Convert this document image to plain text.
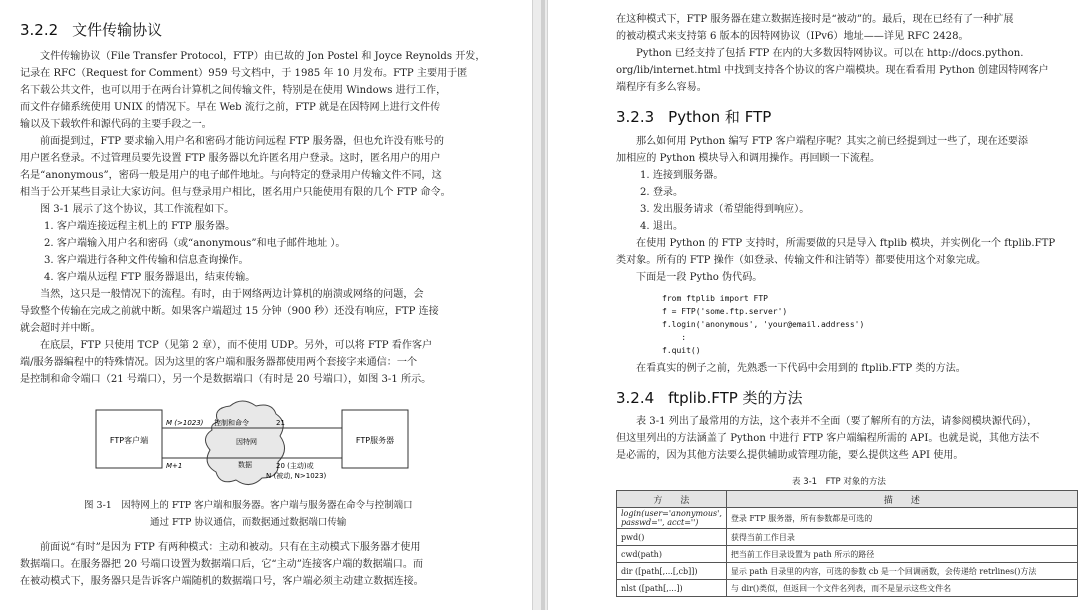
3.2.2 文件传输协议
文件传输协议（File Transfer Protocol，FTP）由已故的 Jon Postel 和 Joyce Reynolds 开发，
记录在 RFC（Request for Comment）959 号文档中，于 1985 年 10 月发布。FTP 主要用于匿
名下载公共文件，也可以用于在两台计算机之间传输文件，特别是在使用 Windows 进行工作，
而文件存储系统使用 UNIX 的情况下。早在 Web 流行之前，FTP 就是在因特网上进行文件传
输以及下载软件和源代码的主要手段之一。
前面提到过，FTP 要求输入用户名和密码才能访问远程 FTP 服务器，但也允许没有账号的
用户匿名登录。不过管理员要先设置 FTP 服务器以允许匿名用户登录。这时，匿名用户的用户
名是“anonymous”，密码一般是用户的电子邮件地址。与向特定的登录用户传输文件不同，这
相当于公开某些目录让大家访问。但与登录用户相比，匿名用户只能使用有限的几个 FTP 命令。
图 3-1 展示了这个协议，其工作流程如下。
1. 客户端连接远程主机上的 FTP 服务器。
2. 客户端输入用户名和密码（或“anonymous”和电子邮件地址 ）。
3. 客户端进行各种文件传输和信息查询操作。
4. 客户端从远程 FTP 服务器退出，结束传输。
当然，这只是一般情况下的流程。有时，由于网络两边计算机的崩溃或网络的问题，会
导致整个传输在完成之前就中断。如果客户端超过 15 分钟（900 秒）还没有响应，FTP 连接
就会超时并中断。
在底层，FTP 只使用 TCP（见第 2 章），而不使用 UDP。另外，可以将 FTP 看作客户
端/服务器编程中的特殊情况。因为这里的客户端和服务器都使用两个套接字来通信：一个
是控制和命令端口（21 号端口），另一个是数据端口（有时是 20 号端口），如图 3-1 所示。
FTP客户端	FTP服务器
M (>1023) 控制和命令	21
因特网
数据
M+1	20 (主动)或
N (被动, N>1023)
图 3-1　因特网上的 FTP 客户端和服务器。客户端与服务器在命令与控制端口
通过 FTP 协议通信，而数据通过数据端口传输
前面说“有时”是因为 FTP 有两种模式：主动和被动。只有在主动模式下服务器才使用
数据端口。在服务器把 20 号端口设置为数据端口后，它“主动”连接客户端的数据端口。而
在被动模式下，服务器只是告诉客户端随机的数据端口号，客户端必须主动建立数据连接。
在这种模式下，FTP 服务器在建立数据连接时是“被动”的。最后，现在已经有了一种扩展
的被动模式来支持第 6 版本的因特网协议（IPv6）地址——详见 RFC 2428。
Python 已经支持了包括 FTP 在内的大多数因特网协议。可以在 http://docs.python.
org/lib/internet.html 中找到支持各个协议的客户端模块。现在看看用 Python 创建因特网客户
端程序有多么容易。
3.2.3 Python 和 FTP
那么如何用 Python 编写 FTP 客户端程序呢？其实之前已经提到过一些了，现在还要添
加相应的 Python 模块导入和调用操作。再回顾一下流程。
1. 连接到服务器。
2. 登录。
3. 发出服务请求（希望能得到响应）。
4. 退出。
在使用 Python 的 FTP 支持时，所需要做的只是导入 ftplib 模块，并实例化一个 ftplib.FTP
类对象。所有的 FTP 操作（如登录、传输文件和注销等）都要使用这个对象完成。
下面是一段 Pytho 伪代码。
from ftplib import FTP
f = FTP('some.ftp.server')
f.login('anonymous', 'your@email.address')
:
f.quit()
在看真实的例子之前，先熟悉一下代码中会用到的 ftplib.FTP 类的方法。
3.2.4 ftplib.FTP 类的方法
表 3-1 列出了最常用的方法，这个表并不全面（要了解所有的方法，请参阅模块源代码），
但这里列出的方法涵盖了 Python 中进行 FTP 客户端编程所需的 API。也就是说，其他方法不
是必需的，因为其他方法要么提供辅助或管理功能，要么提供这些 API 使用。
表 3-1　FTP 对象的方法
方　　法	描　　述
login(user='anonymous', passwd='', acct='')	登录 FTP 服务器，所有参数都是可选的
pwd()	获得当前工作目录
cwd(path)	把当前工作目录设置为 path 所示的路径
dir ([path[,...[,cb]])	显示 path 目录里的内容，可选的参数 cb 是一个回调函数，会传递给 retrlines()方法
nlst ([path[,...])	与 dir()类似，但返回一个文件名列表，而不是显示这些文件名
